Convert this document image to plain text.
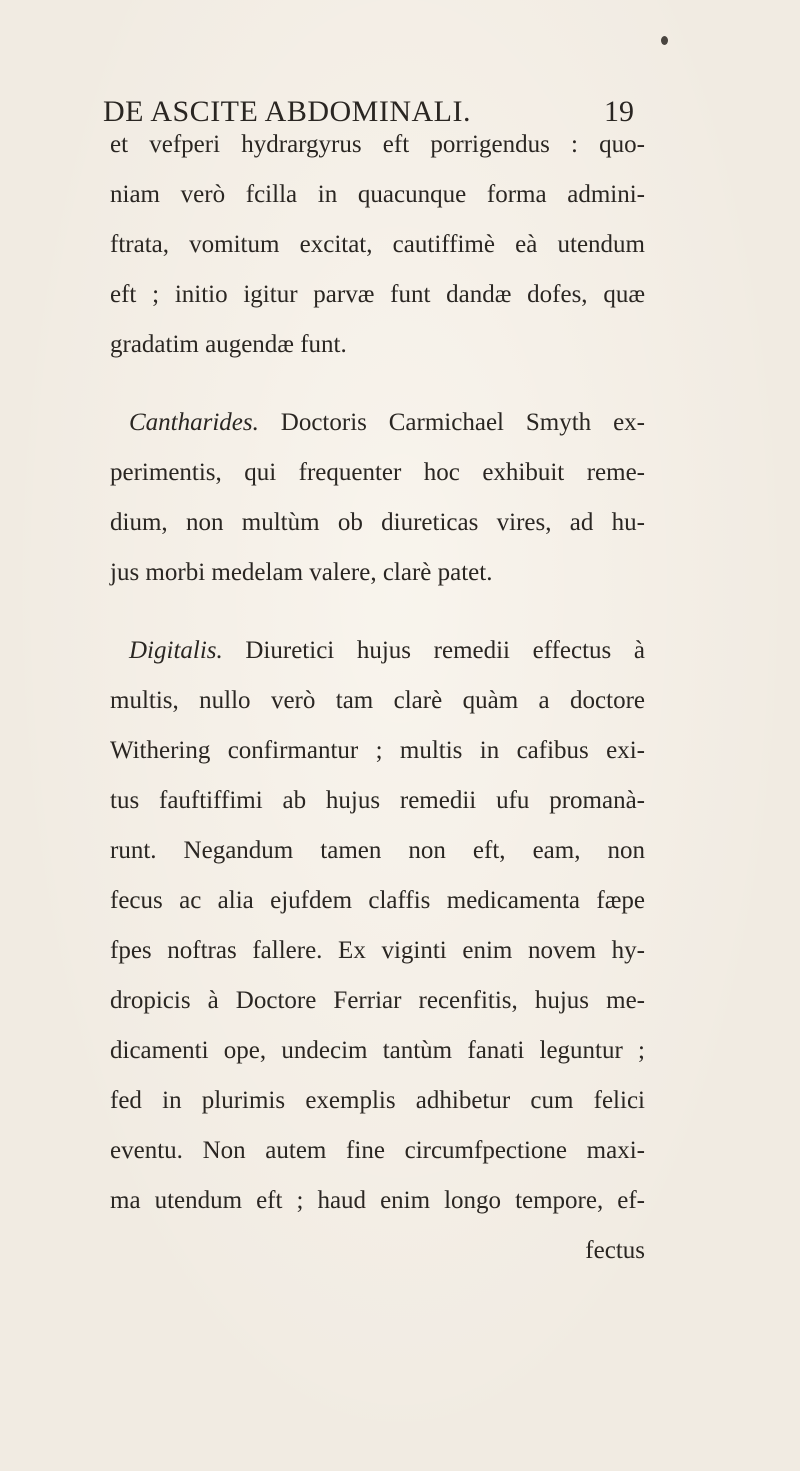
DE ASCITE ABDOMINALI.	19
et vefperi hydrargyrus eft porrigendus : quo-
niam verò fcilla in quacunque forma admini-
ftrata, vomitum excitat, cautiffimè eà utendum
eft ; initio igitur parvæ funt dandæ dofes, quæ
gradatim augendæ funt.
Cantharides. Doctoris Carmichael Smyth ex-
perimentis, qui frequenter hoc exhibuit reme-
dium, non multùm ob diureticas vires, ad hu-
jus morbi medelam valere, clarè patet.
Digitalis. Diuretici hujus remedii effectus à
multis, nullo verò tam clarè quàm a doctore
Withering confirmantur ; multis in cafibus exi-
tus fauftiffimi ab hujus remedii ufu promanà-
runt. Negandum tamen non eft, eam, non
fecus ac alia ejufdem claffis medicamenta fæpe
fpes noftras fallere. Ex viginti enim novem hy-
dropicis à Doctore Ferriar recenfitis, hujus me-
dicamenti ope, undecim tantùm fanati leguntur ;
fed in plurimis exemplis adhibetur cum felici
eventu. Non autem fine circumfpectione maxi-
ma utendum eft ; haud enim longo tempore, ef-
fectus
